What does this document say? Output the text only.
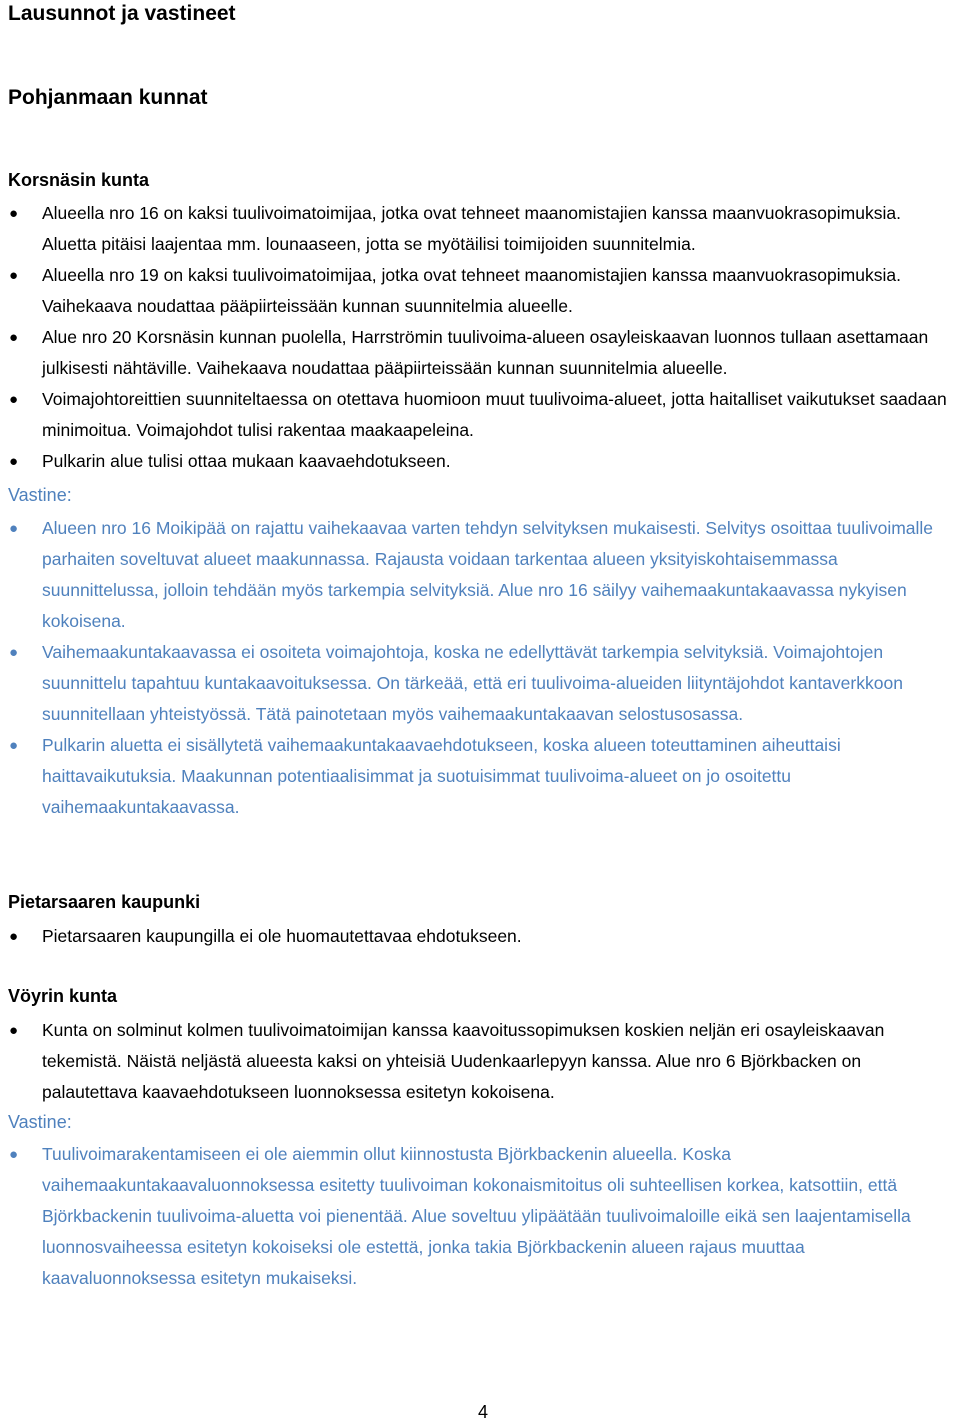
Lausunnot ja vastineet
Pohjanmaan kunnat
Korsnäsin kunta
● Alueella nro 16 on kaksi tuulivoimatoimijaa, jotka ovat tehneet maanomistajien kanssa maanvuokrasopimuksia. Aluetta pitäisi laajentaa mm. lounaaseen, jotta se myötäilisi toimijoiden suunnitelmia.
● Alueella nro 19 on kaksi tuulivoimatoimijaa, jotka ovat tehneet maanomistajien kanssa maanvuokrasopimuksia. Vaihekaava noudattaa pääpiirteissään kunnan suunnitelmia alueelle.
● Alue nro 20 Korsnäsin kunnan puolella, Harrströmin tuulivoima-alueen osayleiskaavan luonnos tullaan asettamaan julkisesti nähtäville. Vaihekaava noudattaa pääpiirteissään kunnan suunnitelmia alueelle.
● Voimajohtoreittien suunniteltaessa on otettava huomioon muut tuulivoima-alueet, jotta haitalliset vaikutukset saadaan minimoitua. Voimajohdot tulisi rakentaa maakaapeleina.
● Pulkarin alue tulisi ottaa mukaan kaavaehdotukseen.
Vastine:
● Alueen nro 16 Moikipää on rajattu vaihekaavaa varten tehdyn selvityksen mukaisesti. Selvitys osoittaa tuulivoimalle parhaiten soveltuvat alueet maakunnassa. Rajausta voidaan tarkentaa alueen yksityiskohtaisemmassa suunnittelussa, jolloin tehdään myös tarkempia selvityksiä. Alue nro 16 säilyy vaihemaakuntakaavassa nykyisen kokoisena.
● Vaihemaakuntakaavassa ei osoiteta voimajohtoja, koska ne edellyttävät tarkempia selvityksiä. Voimajohtojen suunnittelu tapahtuu kuntakaavoituksessa. On tärkeää, että eri tuulivoima-alueiden liityntäjohdot kantaverkkoon suunnitellaan yhteistyössä. Tätä painotetaan myös vaihemaakuntakaavan selostusosassa.
● Pulkarin aluetta ei sisällytetä vaihemaakuntakaavaehdotukseen, koska alueen toteuttaminen aiheuttaisi haittavaikutuksia. Maakunnan potentiaalisimmat ja suotuisimmat tuulivoima-alueet on jo osoitettu vaihemaakuntakaavassa.
Pietarsaaren kaupunki
● Pietarsaaren kaupungilla ei ole huomautettavaa ehdotukseen.
Vöyrin kunta
● Kunta on solminut kolmen tuulivoimatoimijan kanssa kaavoitussopimuksen koskien neljän eri osayleiskaavan tekemistä. Näistä neljästä alueesta kaksi on yhteisiä Uudenkaarlepyyn kanssa. Alue nro 6 Björkbacken on palautettava kaavaehdotukseen luonnoksessa esitetyn kokoisena.
Vastine:
● Tuulivoimarakentamiseen ei ole aiemmin ollut kiinnostusta Björkbackenin alueella. Koska vaihemaakuntakaavaluonnoksessa esitetty tuulivoiman kokonaismitoitus oli suhteellisen korkea, katsottiin, että Björkbackenin tuulivoima-aluetta voi pienentää. Alue soveltuu ylipäätään tuulivoimaloille eikä sen laajentamisella luonnosvaiheessa esitetyn kokoiseksi ole estettä, jonka takia Björkbackenin alueen rajaus muuttaa kaavaluonnoksessa esitetyn mukaiseksi.
4
